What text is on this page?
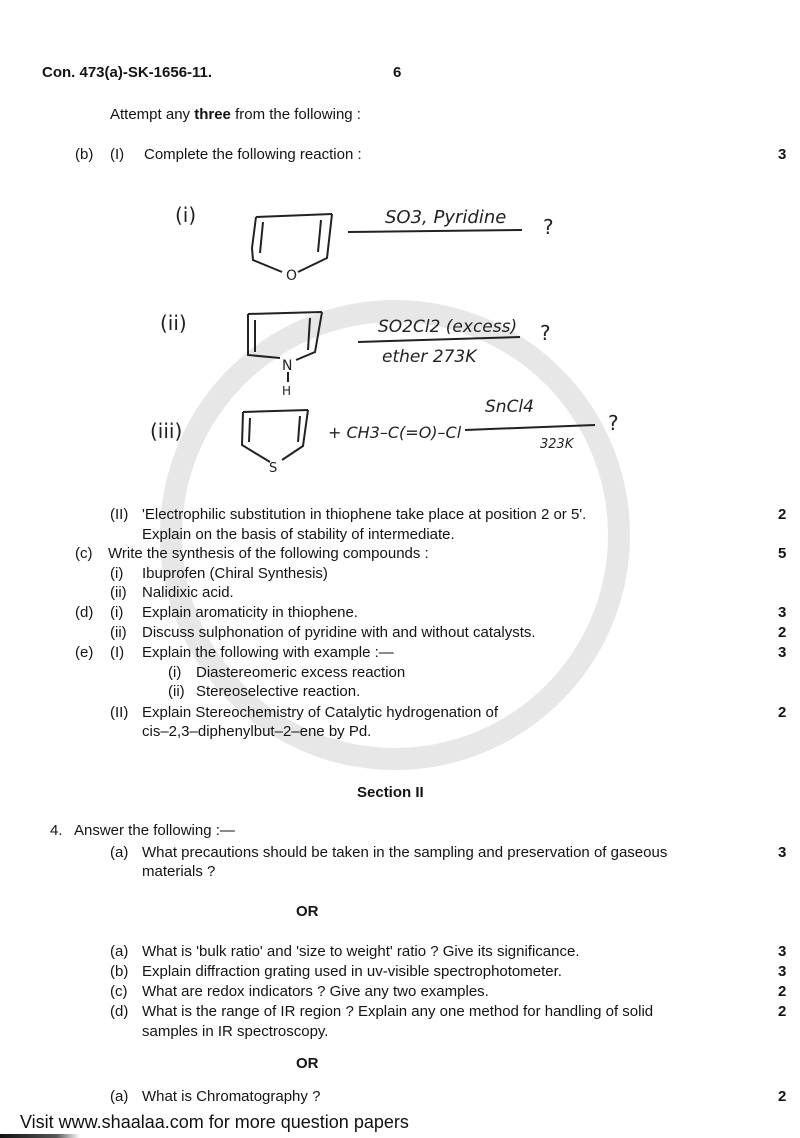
Con. 473(a)-SK-1656-11.	6
Attempt any three from the following :
(b) (I) Complete the following reaction :	3
(i)
O
SO3, Pyridine ?
(ii)
N
H
SO2Cl2 (excess)
ether 273K
?
(iii)
S
+ CH3–C(=O)–Cl
SnCl4
323K
?
(II) 'Electrophilic substitution in thiophene take place at position 2 or 5'.	2
Explain on the basis of stability of intermediate.
(c) Write the synthesis of the following compounds :	5
(i) Ibuprofen (Chiral Synthesis)
(ii) Nalidixic acid.
(d) (i) Explain aromaticity in thiophene.	3
(ii) Discuss sulphonation of pyridine with and without catalysts.	2
(e) (I) Explain the following with example :—	3
(i) Diastereomeric excess reaction
(ii) Stereoselective reaction.
(II) Explain Stereochemistry of Catalytic hydrogenation of	2
cis–2,3–diphenylbut–2–ene by Pd.
Section II
4. Answer the following :—
(a) What precautions should be taken in the sampling and preservation of gaseous	3
materials ?
OR
(a) What is 'bulk ratio' and 'size to weight' ratio ? Give its significance.	3
(b) Explain diffraction grating used in uv-visible spectrophotometer.	3
(c) What are redox indicators ? Give any two examples.	2
(d) What is the range of IR region ? Explain any one method for handling of solid	2
samples in IR spectroscopy.
OR
(a) What is Chromatography ?	2
Visit www.shaalaa.com for more question papers
